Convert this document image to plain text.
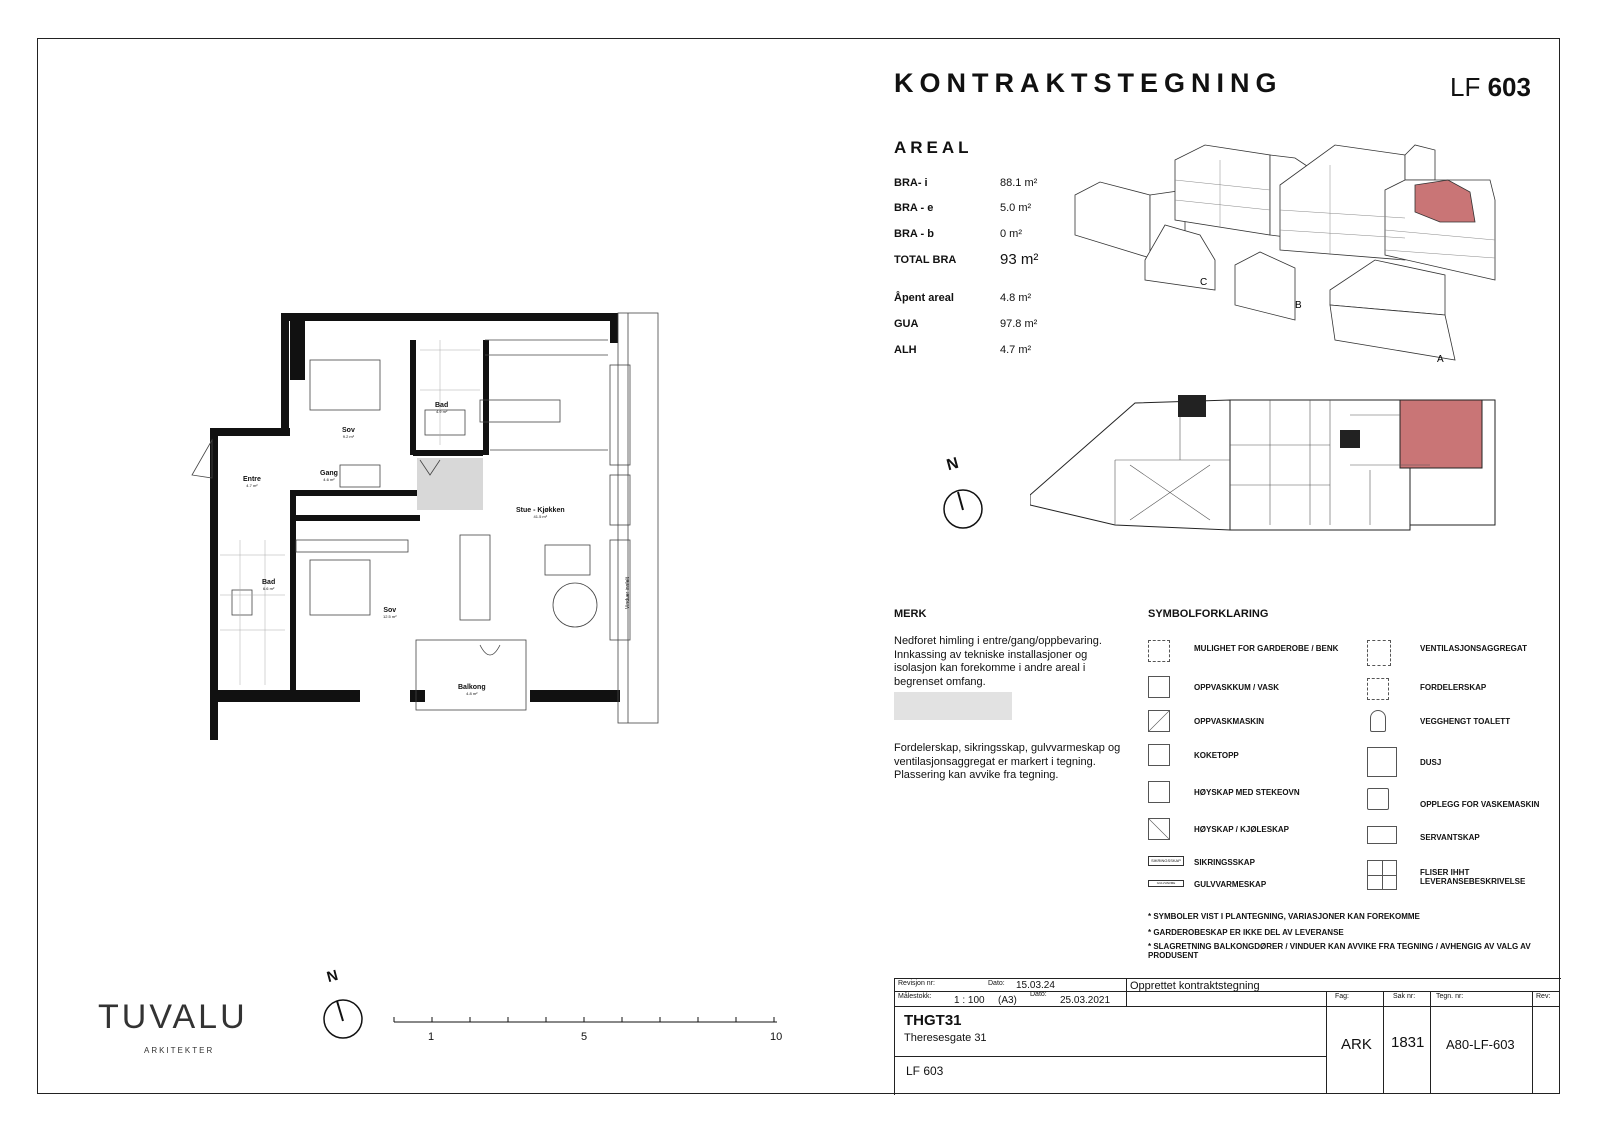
KONTRAKTSTEGNING	LF 603
AREAL
BRA- i	88.1 m²
BRA - e	5.0 m²
BRA - b	0 m²
TOTAL BRA	93 m²
Åpent areal	4.8 m²
GUA	97.8 m²
ALH	4.7 m²
C
B
A
N
Sov
9.2 m²
Bad
4.9 m²
Entre
4.7 m²
Gang
4.6 m²
Stue - Kjøkken
41.5 m²
Bad
6.6 m²
Sov
12.5 m²
Balkong
4.8 m²
Vinduer innfelt
MERK
Nedforet himling i entre/gang/oppbevaring. Innkassing av tekniske installasjoner og isolasjon kan forekomme i andre areal i begrenset omfang.
Fordelerskap, sikringsskap, gulvvarmeskap og ventilasjonsaggregat er markert i tegning. Plassering kan avvike fra tegning.
SYMBOLFORKLARING
MULIGHET FOR GARDEROBE / BENK
OPPVASKKUM / VASK
OPPVASKMASKIN
KOKETOPP
HØYSKAP MED STEKEOVN
HØYSKAP / KJØLESKAP
SIKRINGSSKAP	SIKRINGSSKAP
GULVVARME	GULVVARMESKAP
VENTILASJONSAGGREGAT
FORDELERSKAP
VEGGHENGT TOALETT
DUSJ
OPPLEGG FOR VASKEMASKIN
SERVANTSKAP
FLISER IHHT LEVERANSEBESKRIVELSE
* SYMBOLER VIST I PLANTEGNING, VARIASJONER KAN FOREKOMME
* GARDEROBESKAP ER IKKE DEL AV LEVERANSE
* SLAGRETNING BALKONGDØRER / VINDUER KAN AVVIKE FRA TEGNING / AVHENGIG AV VALG AV PRODUSENT
Revisjon nr:	Dato: 15.03.24	Opprettet kontraktstegning
Målestokk: 1 : 100 (A3)
Dato:
25.03.2021	Fag:	Sak nr:	Tegn. nr:	Rev:
THGT31
Theresesgate 31	ARK 1831 A80-LF-603
LF 603
TUVALU
ARKITEKTER
N
1	5	10
